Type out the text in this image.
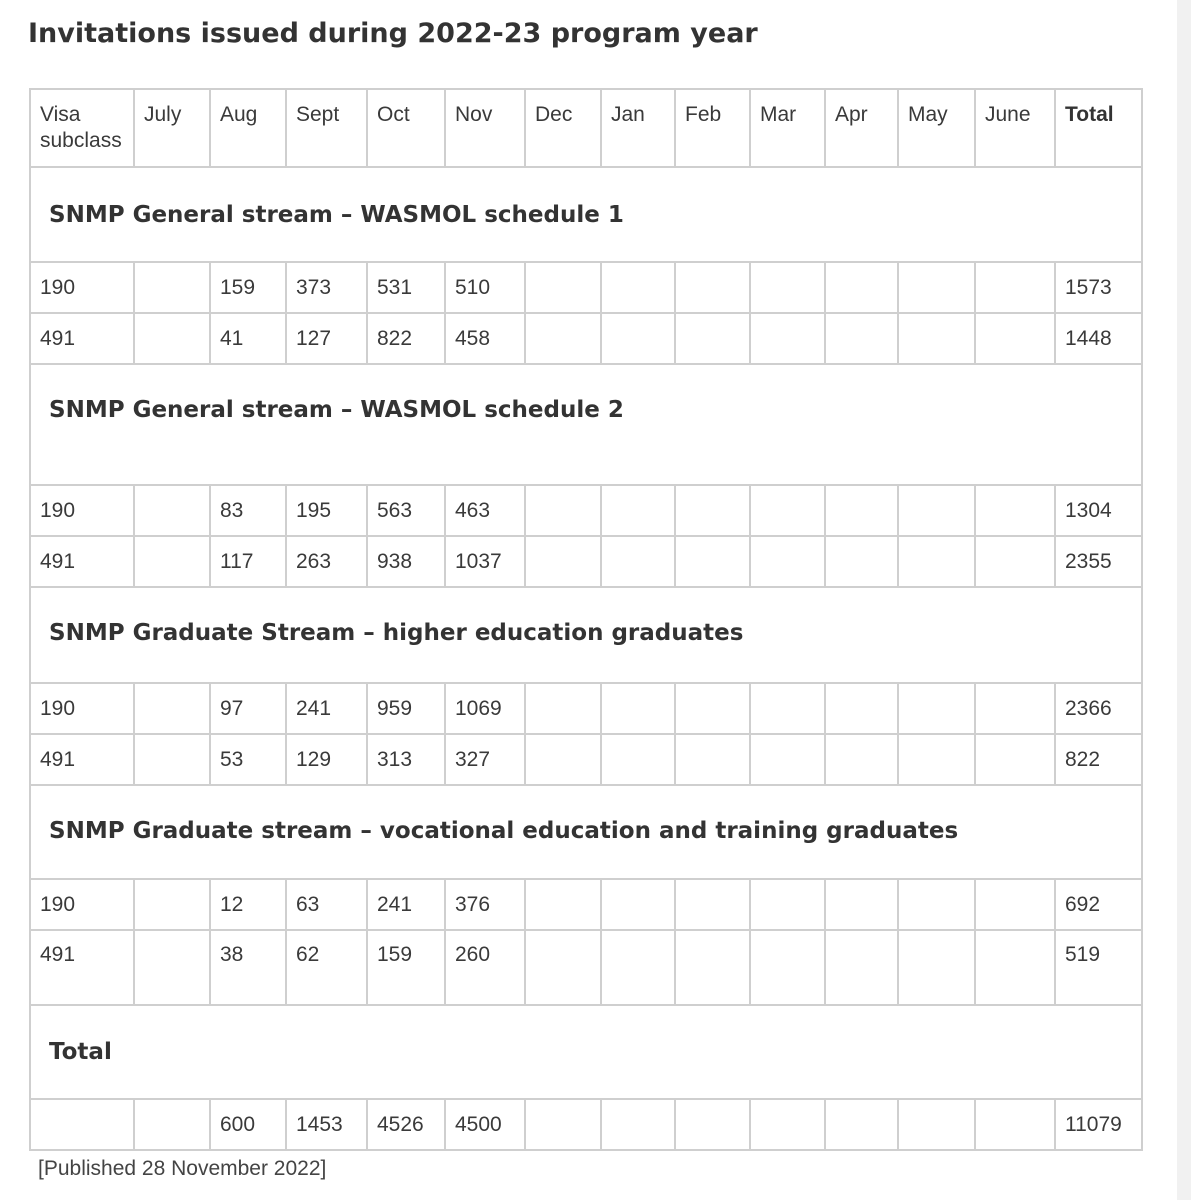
Invitations issued during 2022-23 program year
Visa subclass	July	Aug	Sept	Oct	Nov	Dec	Jan	Feb	Mar	Apr	May	June	Total
SNMP General stream – WASMOL schedule 1													
190		159	373	531	510								1573
491		41	127	822	458								1448
SNMP General stream – WASMOL schedule 2													
190		83	195	563	463								1304
491		117	263	938	1037								2355
SNMP Graduate Stream – higher education graduates													
190		97	241	959	1069								2366
491		53	129	313	327								822
SNMP Graduate stream – vocational education and training graduates													
190		12	63	241	376								692
491		38	62	159	260								519
Total													
		600	1453	4526	4500								11079
[Published 28 November 2022]
